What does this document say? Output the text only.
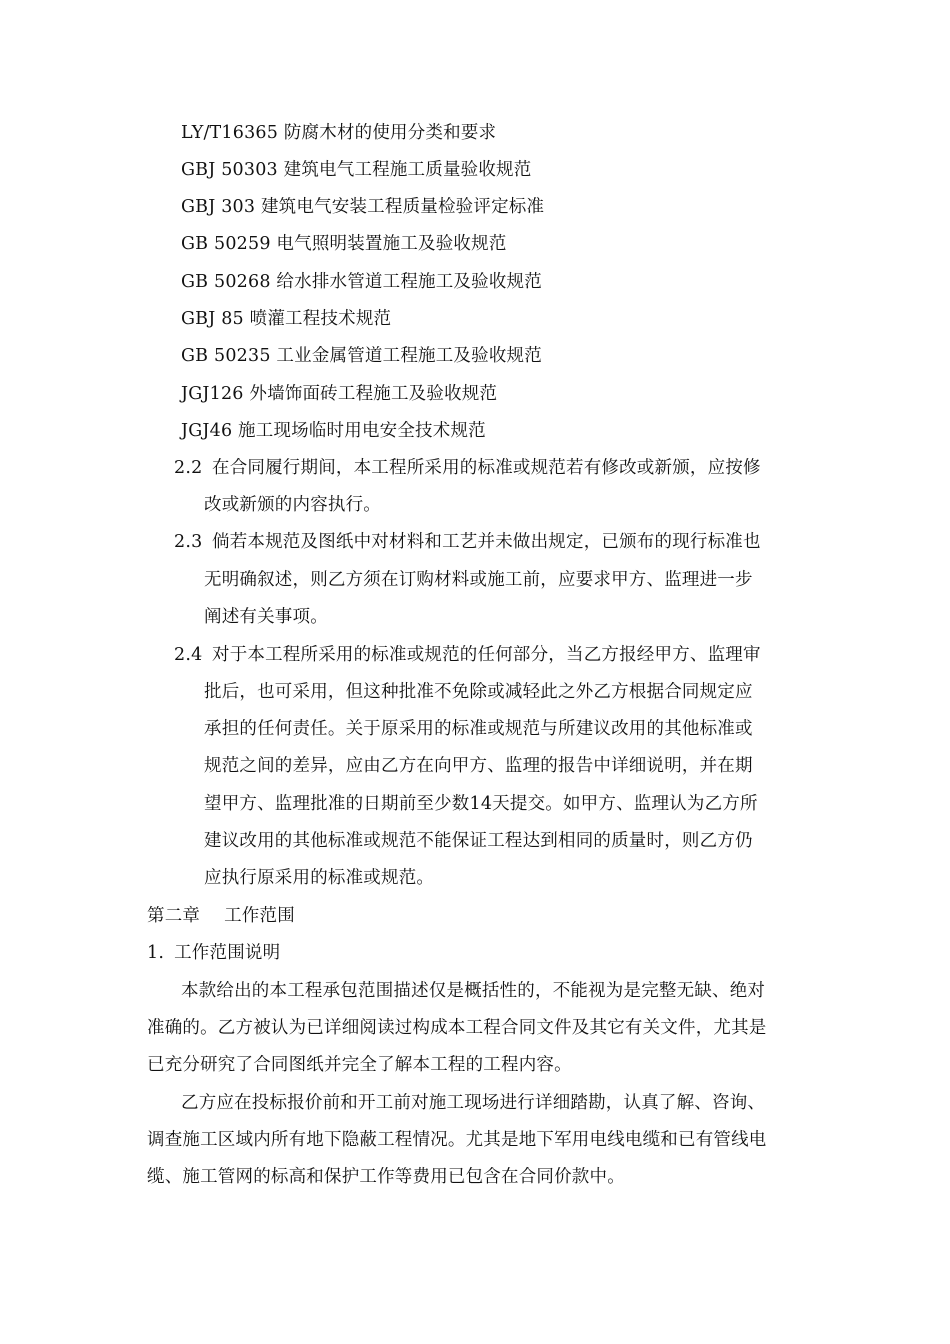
LY/T16365 防腐木材的使用分类和要求
GBJ 50303 建筑电气工程施工质量验收规范
GBJ 303 建筑电气安装工程质量检验评定标准
GB 50259 电气照明装置施工及验收规范
GB 50268 给水排水管道工程施工及验收规范
GBJ 85 喷灌工程技术规范
GB 50235 工业金属管道工程施工及验收规范
JGJ126 外墙饰面砖工程施工及验收规范
JGJ46 施工现场临时用电安全技术规范
2.2 在合同履行期间，本工程所采用的标准或规范若有修改或新颁，应按修
改或新颁的内容执行。
2.3 倘若本规范及图纸中对材料和工艺并未做出规定，已颁布的现行标准也
无明确叙述，则乙方须在订购材料或施工前，应要求甲方、监理进一步
阐述有关事项。
2.4 对于本工程所采用的标准或规范的任何部分，当乙方报经甲方、监理审
批后，也可采用，但这种批准不免除或减轻此之外乙方根据合同规定应
承担的任何责任。关于原采用的标准或规范与所建议改用的其他标准或
规范之间的差异，应由乙方在向甲方、监理的报告中详细说明，并在期
望甲方、监理批准的日期前至少数14天提交。如甲方、监理认为乙方所
建议改用的其他标准或规范不能保证工程达到相同的质量时，则乙方仍
应执行原采用的标准或规范。
第二章 工作范围
1. 工作范围说明
本款给出的本工程承包范围描述仅是概括性的，不能视为是完整无缺、绝对
准确的。乙方被认为已详细阅读过构成本工程合同文件及其它有关文件，尤其是
已充分研究了合同图纸并完全了解本工程的工程内容。
乙方应在投标报价前和开工前对施工现场进行详细踏勘，认真了解、咨询、
调查施工区域内所有地下隐蔽工程情况。尤其是地下军用电线电缆和已有管线电
缆、施工管网的标高和保护工作等费用已包含在合同价款中。
